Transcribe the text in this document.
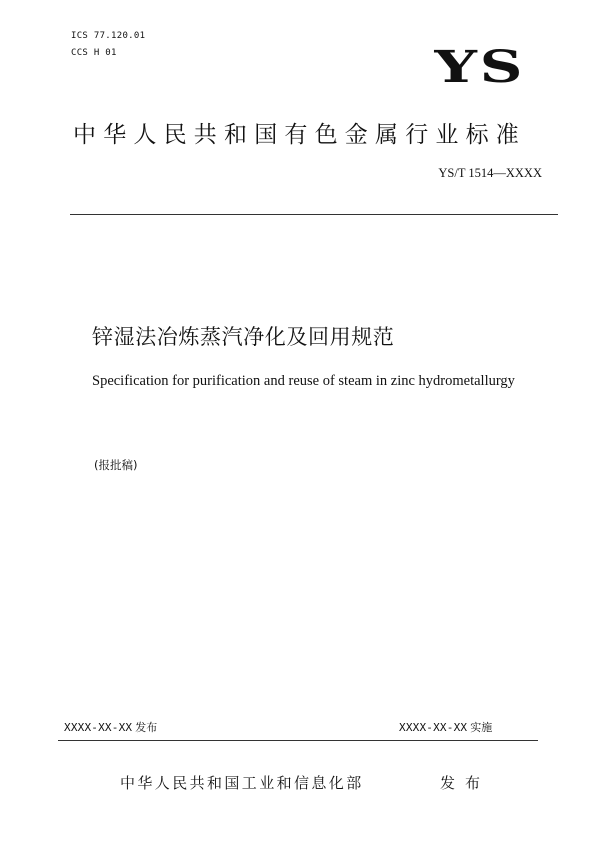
ICS 77.120.01
CCS H 01	YS
中华人民共和国有色金属行业标准
YS/T 1514—XXXX
锌湿法冶炼蒸汽净化及回用规范
Specification for purification and reuse of steam in zinc hydrometallurgy
(报批稿)
XXXX-XX-XX 发布	XXXX-XX-XX 实施
中华人民共和国工业和信息化部	发布
